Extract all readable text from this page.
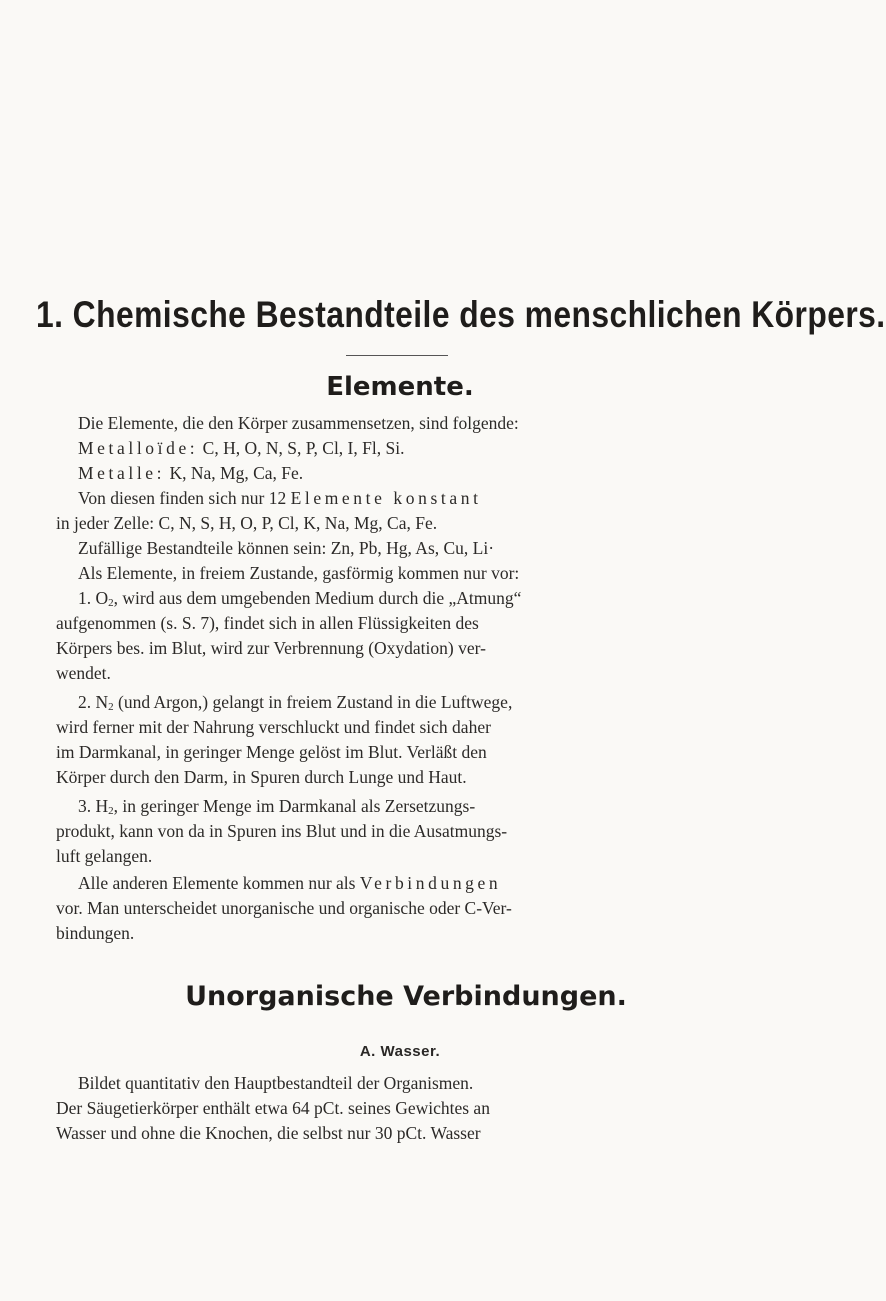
1. Chemische Bestandteile des menschlichen Körpers.
Elemente.
Die Elemente, die den Körper zusammensetzen, sind folgende:
Metalloïde: C, H, O, N, S, P, Cl, I, Fl, Si.
Metalle: K, Na, Mg, Ca, Fe.
Von diesen finden sich nur 12 Elemente konstant
in jeder Zelle: C, N, S, H, O, P, Cl, K, Na, Mg, Ca, Fe.
Zufällige Bestandteile können sein: Zn, Pb, Hg, As, Cu, Li·
Als Elemente, in freiem Zustande, gasförmig kommen nur vor:
1. $O_2$, wird aus dem umgebenden Medium durch die „Atmung“
aufgenommen (s. S. 7), findet sich in allen Flüssigkeiten des
Körpers bes. im Blut, wird zur Verbrennung (Oxydation) ver-
wendet.
2. $N_2$ (und Argon,) gelangt in freiem Zustand in die Luftwege,
wird ferner mit der Nahrung verschluckt und findet sich daher
im Darmkanal, in geringer Menge gelöst im Blut. Verläßt den
Körper durch den Darm, in Spuren durch Lunge und Haut.
3. $H_2$, in geringer Menge im Darmkanal als Zersetzungs-
produkt, kann von da in Spuren ins Blut und in die Ausatmungs-
luft gelangen.
Alle anderen Elemente kommen nur als Verbindungen
vor. Man unterscheidet unorganische und organische oder C-Ver-
bindungen.
Unorganische Verbindungen.
A. Wasser.
Bildet quantitativ den Hauptbestandteil der Organismen.
Der Säugetierkörper enthält etwa 64 pCt. seines Gewichtes an
Wasser und ohne die Knochen, die selbst nur 30 pCt. Wasser
